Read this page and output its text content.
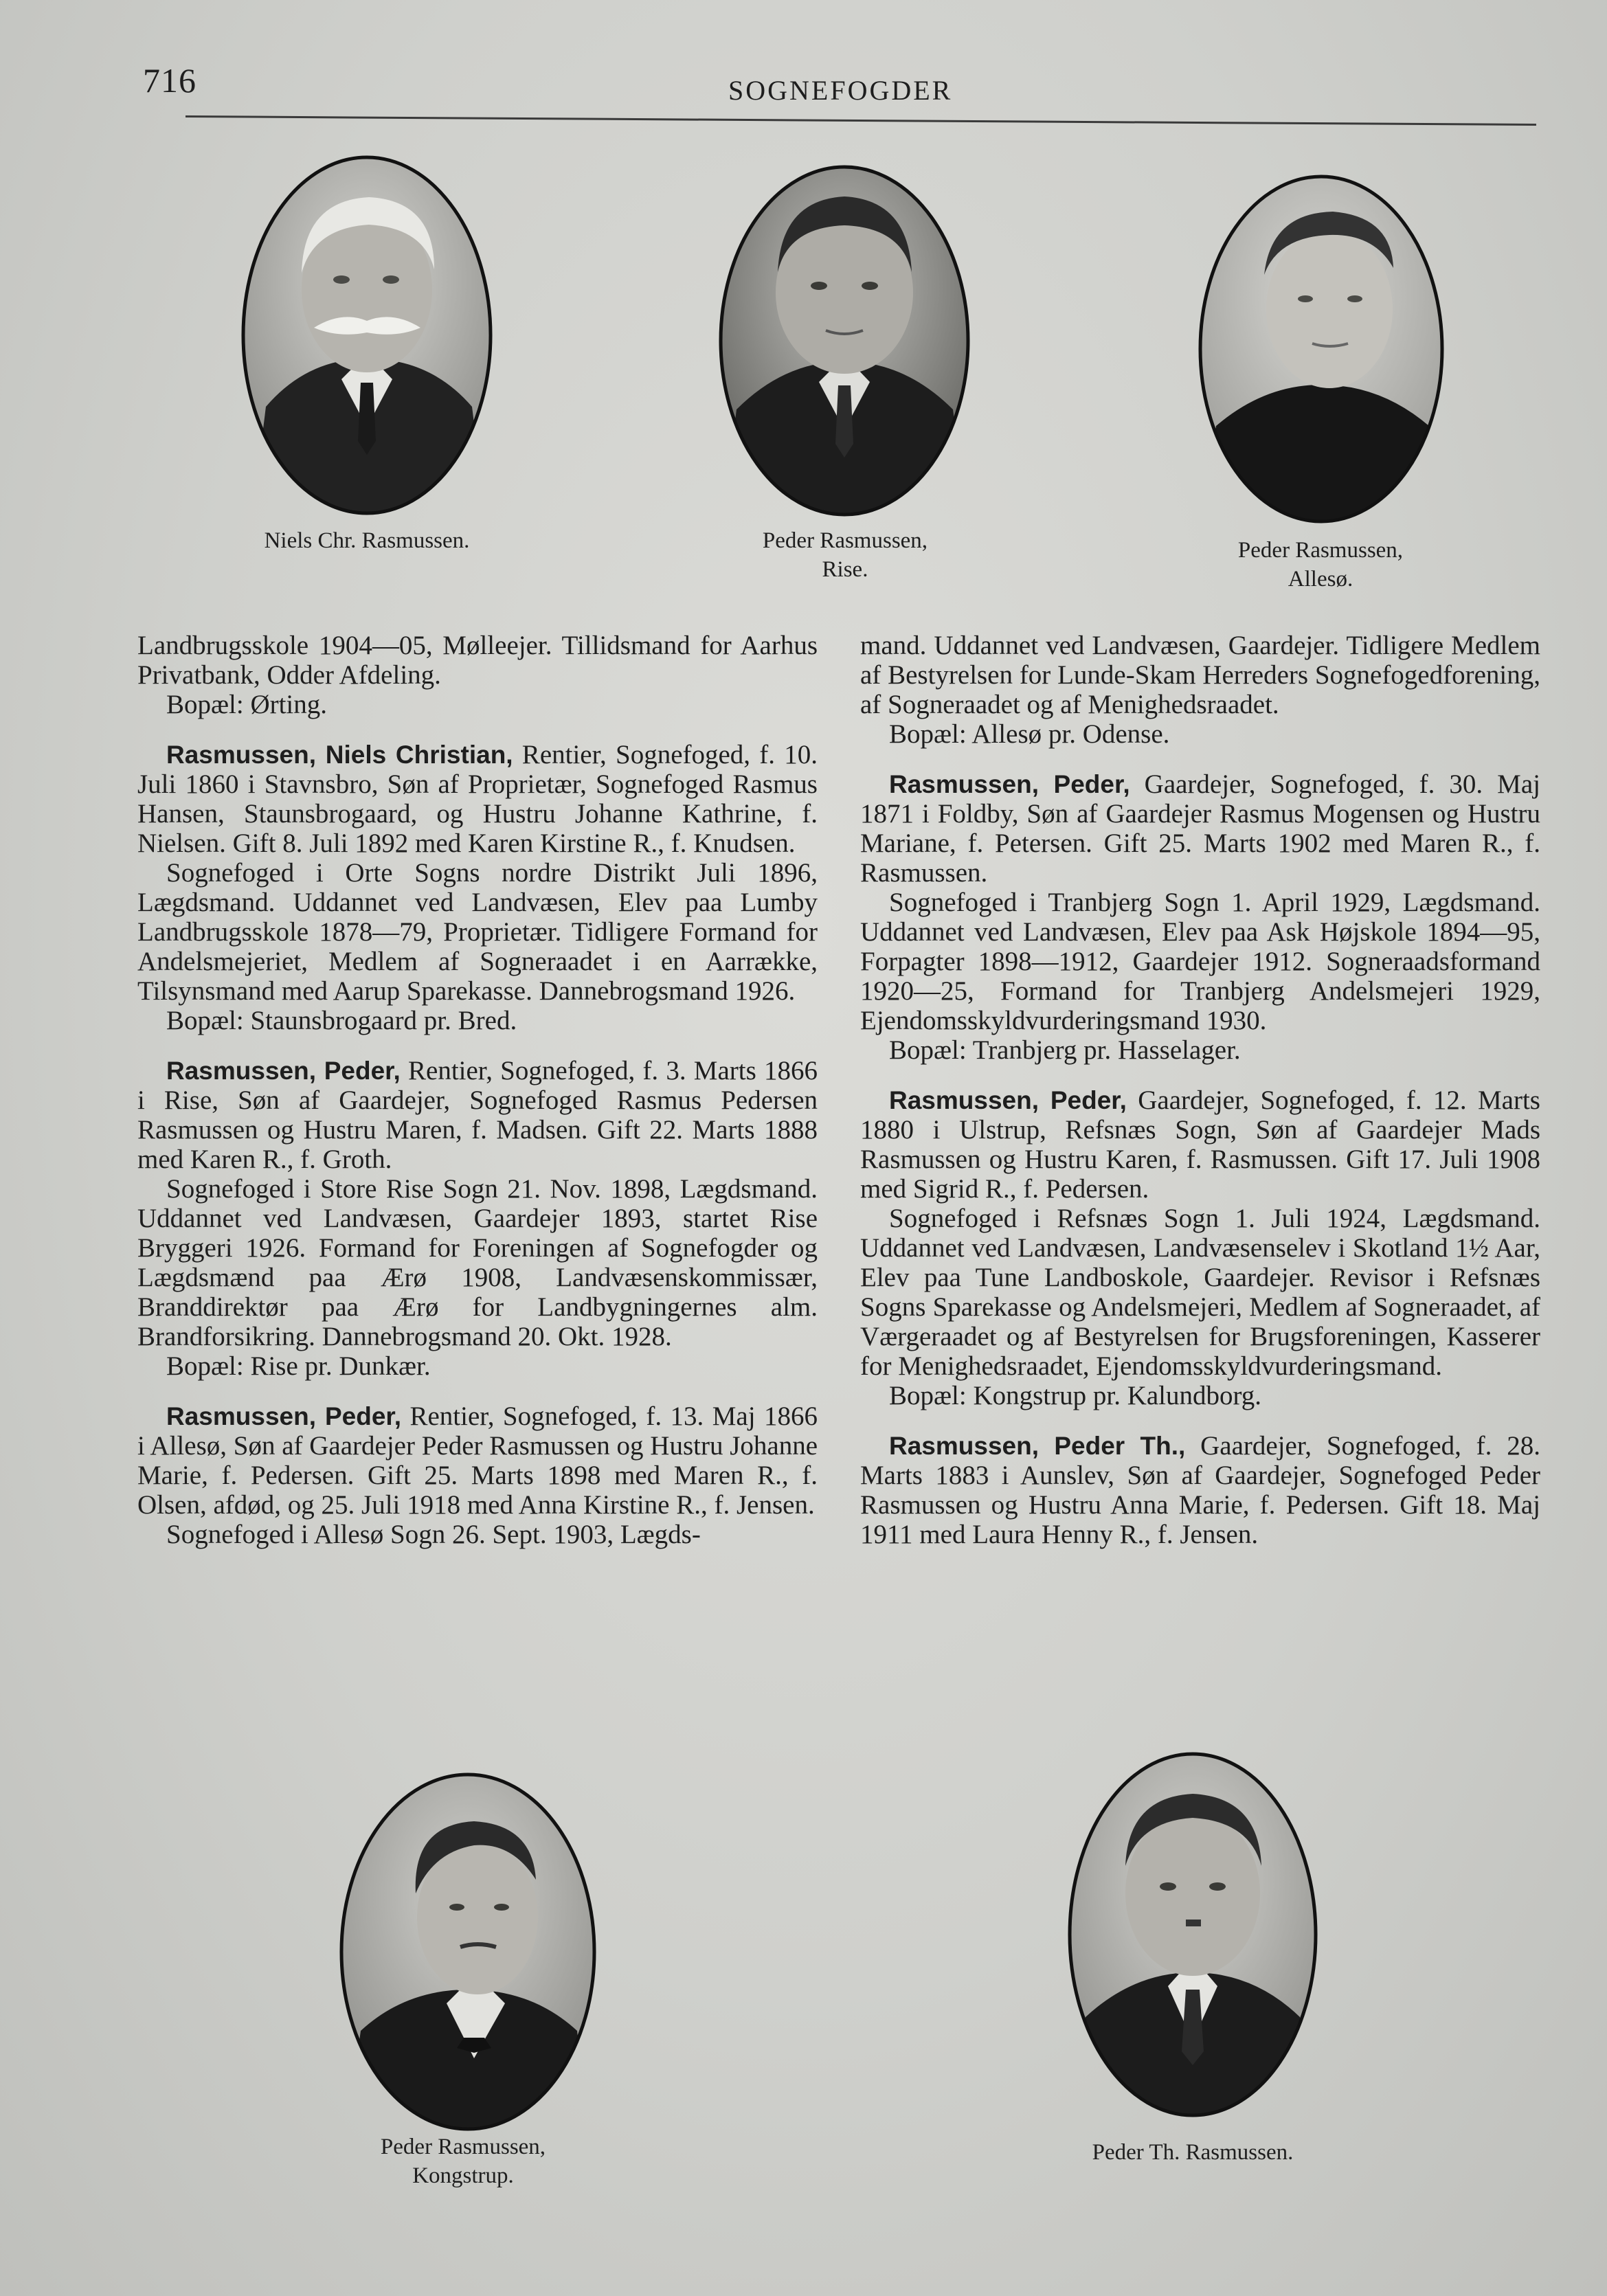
716	SOGNEFOGDER
Niels Chr. Rasmussen.	Peder Rasmussen,
Rise.
Peder Rasmussen,
Allesø.

Landbrugsskole 1904—05, Mølleejer. Tillidsmand for Aarhus Privatbank, Odder Afdeling.

Bopæl: Ørting.

Rasmussen, Niels Christian, Rentier, Sognefoged, f. 10. Juli 1860 i Stavnsbro, Søn af Proprietær, Sognefoged Rasmus Hansen, Staunsbrogaard, og Hustru Johanne Kathrine, f. Nielsen. Gift 8. Juli 1892 med Karen Kirstine R., f. Knudsen.

Sognefoged i Orte Sogns nordre Distrikt Juli 1896, Lægdsmand. Uddannet ved Landvæsen, Elev paa Lumby Landbrugsskole 1878—79, Proprietær. Tidligere Formand for Andelsmejeriet, Medlem af Sogneraadet i en Aarrække, Tilsynsmand med Aarup Sparekasse. Dannebrogsmand 1926.

Bopæl: Staunsbrogaard pr. Bred.

Rasmussen, Peder, Rentier, Sognefoged, f. 3. Marts 1866 i Rise, Søn af Gaardejer, Sognefoged Rasmus Pedersen Rasmussen og Hustru Maren, f. Madsen. Gift 22. Marts 1888 med Karen R., f. Groth.

Sognefoged i Store Rise Sogn 21. Nov. 1898, Lægdsmand. Uddannet ved Landvæsen, Gaardejer 1893, startet Rise Bryggeri 1926. Formand for Foreningen af Sognefogder og Lægdsmænd paa Ærø 1908, Landvæsenskommissær, Branddirektør paa Ærø for Landbygningernes alm. Brandforsikring. Dannebrogsmand 20. Okt. 1928.

Bopæl: Rise pr. Dunkær.

Rasmussen, Peder, Rentier, Sognefoged, f. 13. Maj 1866 i Allesø, Søn af Gaardejer Peder Rasmussen og Hustru Johanne Marie, f. Pedersen. Gift 25. Marts 1898 med Maren R., f. Olsen, afdød, og 25. Juli 1918 med Anna Kirstine R., f. Jensen.

Sognefoged i Allesø Sogn 26. Sept. 1903, Lægds-

mand. Uddannet ved Landvæsen, Gaardejer. Tidligere Medlem af Bestyrelsen for Lunde-Skam Herreders Sognefogedforening, af Sogneraadet og af Menighedsraadet.

Bopæl: Allesø pr. Odense.

Rasmussen, Peder, Gaardejer, Sognefoged, f. 30. Maj 1871 i Foldby, Søn af Gaardejer Rasmus Mogensen og Hustru Mariane, f. Petersen. Gift 25. Marts 1902 med Maren R., f. Rasmussen.

Sognefoged i Tranbjerg Sogn 1. April 1929, Lægdsmand. Uddannet ved Landvæsen, Elev paa Ask Højskole 1894—95, Forpagter 1898—1912, Gaardejer 1912. Sogneraadsformand 1920—25, Formand for Tranbjerg Andelsmejeri 1929, Ejendomsskyldvurderingsmand 1930.

Bopæl: Tranbjerg pr. Hasselager.

Rasmussen, Peder, Gaardejer, Sognefoged, f. 12. Marts 1880 i Ulstrup, Refsnæs Sogn, Søn af Gaardejer Mads Rasmussen og Hustru Karen, f. Rasmussen. Gift 17. Juli 1908 med Sigrid R., f. Pedersen.

Sognefoged i Refsnæs Sogn 1. Juli 1924, Lægdsmand. Uddannet ved Landvæsen, Landvæsenselev i Skotland 1½ Aar, Elev paa Tune Landboskole, Gaardejer. Revisor i Refsnæs Sogns Sparekasse og Andelsmejeri, Medlem af Sogneraadet, af Værgeraadet og af Bestyrelsen for Brugsforeningen, Kasserer for Menighedsraadet, Ejendomsskyldvurderingsmand.

Bopæl: Kongstrup pr. Kalundborg.

Rasmussen, Peder Th., Gaardejer, Sognefoged, f. 28. Marts 1883 i Aunslev, Søn af Gaardejer, Sognefoged Peder Rasmussen og Hustru Anna Marie, f. Pedersen. Gift 18. Maj 1911 med Laura Henny R., f. Jensen.

Peder Rasmussen,
Kongstrup.
Peder Th. Rasmussen.
